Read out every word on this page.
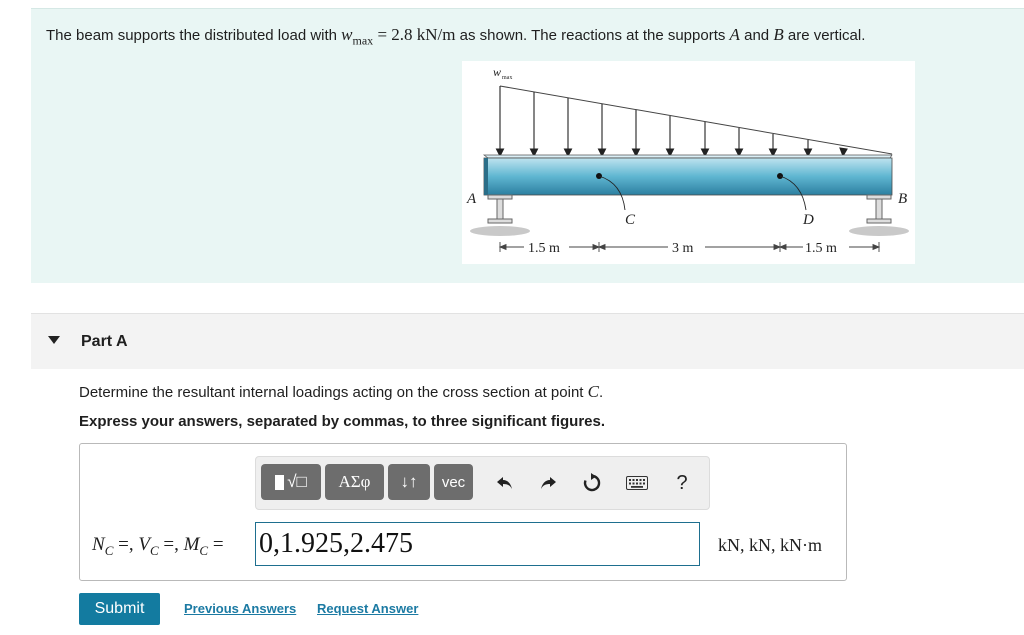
The beam supports the distributed load with $w_{max} = 2.8$ kN/m as shown. The reactions at the supports A and B are vertical.
w max
C	D
A	B
1.5 m	3 m	1.5 m
Part A
Determine the resultant internal loadings acting on the cross section at point C.
Express your answers, separated by commas, to three significant figures.
√□	ΑΣφ	↓↑	vec	?
$N_C$ =, $V_C$ =, $M_C$ =
0,1.925,2.475	kN, kN, kN·m
Submit	Previous Answers Request Answer
